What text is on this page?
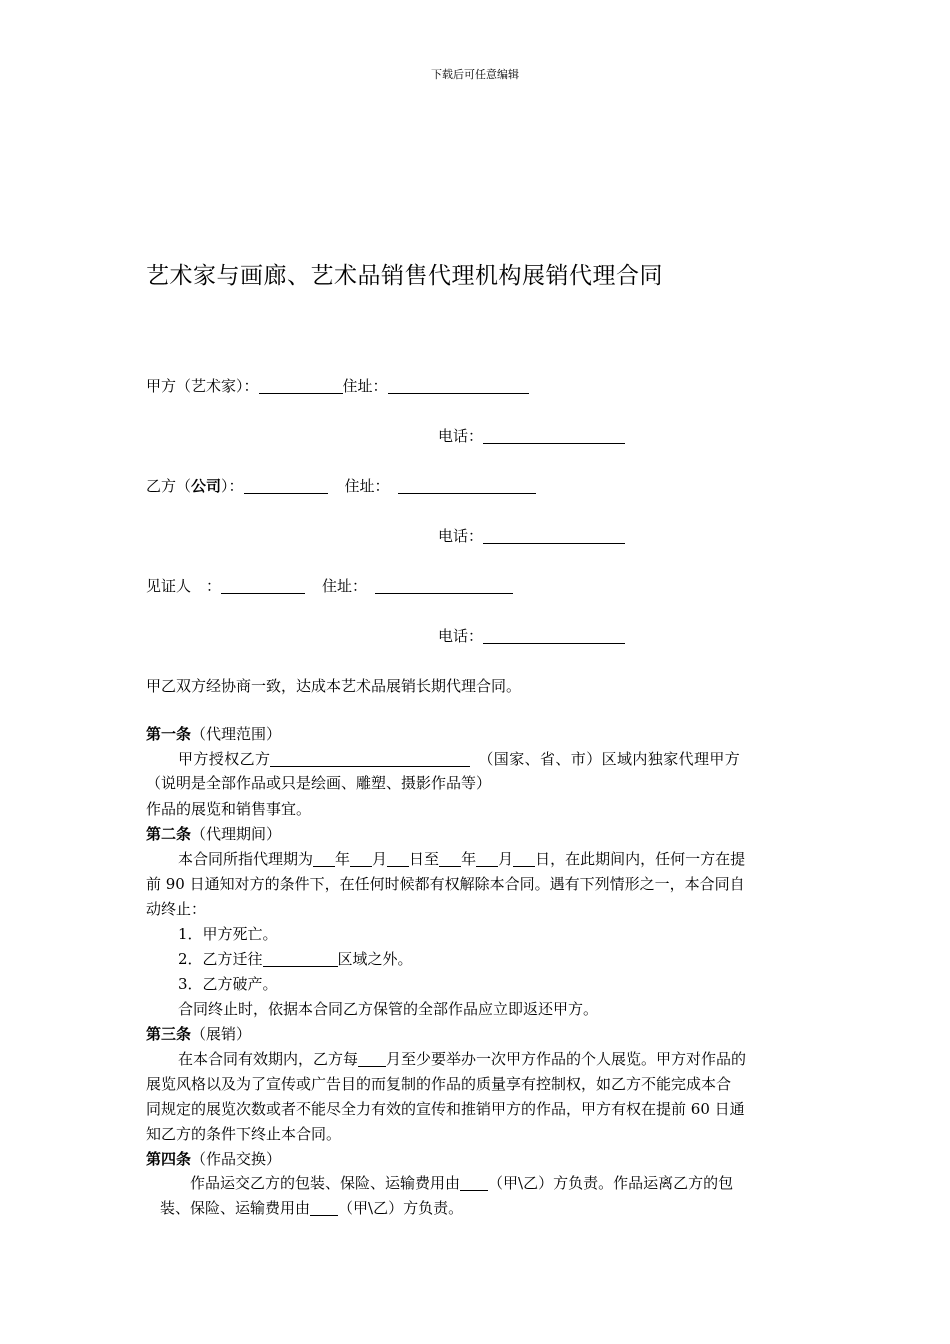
下载后可任意编辑
艺术家与画廊、艺术品销售代理机构展销代理合同
甲方（艺术家）：	住址：
电话：
乙方（公司）：	住址：
电话：
见证人　：	住址：
电话：
甲乙双方经协商一致，达成本艺术品展销长期代理合同。
第一条（代理范围）
甲方授权乙方	（国家、省、市）区域内独家代理甲方
（说明是全部作品或只是绘画、雕塑、摄影作品等）
作品的展览和销售事宜。
第二条（代理期间）
本合同所指代理期为 年 月 日至 年 月 日，在此期间内，任何一方在提
前 90 日通知对方的条件下，在任何时候都有权解除本合同。遇有下列情形之一，本合同自
动终止：
1．甲方死亡。
2．乙方迁往	区域之外。
3．乙方破产。
合同终止时，依据本合同乙方保管的全部作品应立即返还甲方。
第三条（展销）
在本合同有效期内，乙方每 月至少要举办一次甲方作品的个人展览。甲方对作品的
展览风格以及为了宣传或广告目的而复制的作品的质量享有控制权，如乙方不能完成本合
同规定的展览次数或者不能尽全力有效的宣传和推销甲方的作品，甲方有权在提前 60 日通
知乙方的条件下终止本合同。
第四条（作品交换）
作品运交乙方的包装、保险、运输费用由 （甲\乙）方负责。作品运离乙方的包
装、保险、运输费用由 （甲\乙）方负责。
